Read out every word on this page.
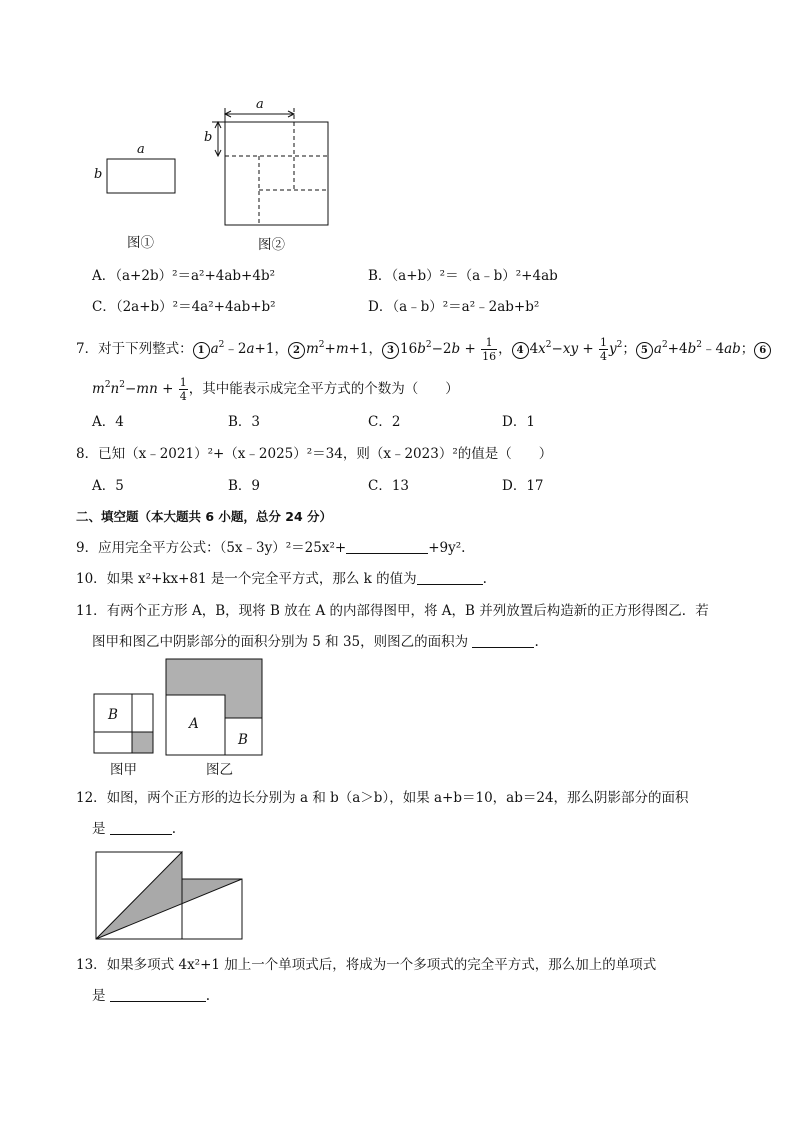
a
b
a
b
图①	图②
A．（a+2b）²＝a²+4ab+4b²	B．（a+b）²＝（a﹣b）²+4ab
C．（2a+b）²＝4a²+4ab+b²	D．（a﹣b）²＝a²﹣2ab+b²
7．对于下列整式： 1 $a^2﹣2a+1$， 2 $m^2+m+1$， 3 $16b^2-2b + \frac{1}{16}$ ， 4 $4x^2-xy + \frac{1}{4} y^2$； 5 $a^2+4b^2﹣4ab$； 6
$m^2n^2-mn + \frac{1}{4}$ ，其中能表示成完全平方式的个数为（　　）
A．4	B．3	C．2	D．1
8．已知（x﹣2021）²+（x﹣2025）²＝34，则（x﹣2023）²的值是（　　）
A．5	B．9	C．13	D．17
二、填空题（本大题共 6 小题，总分 24 分）
9．应用完全平方公式：（5x﹣3y）²＝25x²+	+9y².
10．如果 x²+kx+81 是一个完全平方式，那么 k 的值为	.
11．有两个正方形 A，B，现将 B 放在 A 的内部得图甲，将 A，B 并列放置后构造新的正方形得图乙．若
图甲和图乙中阴影部分的面积分别为 5 和 35，则图乙的面积为	.
B
A
B
图甲	图乙
12．如图，两个正方形的边长分别为 a 和 b（a＞b），如果 a+b＝10，ab＝24，那么阴影部分的面积
是	.
13．如果多项式 4x²+1 加上一个单项式后，将成为一个多项式的完全平方式，那么加上的单项式
是	.
